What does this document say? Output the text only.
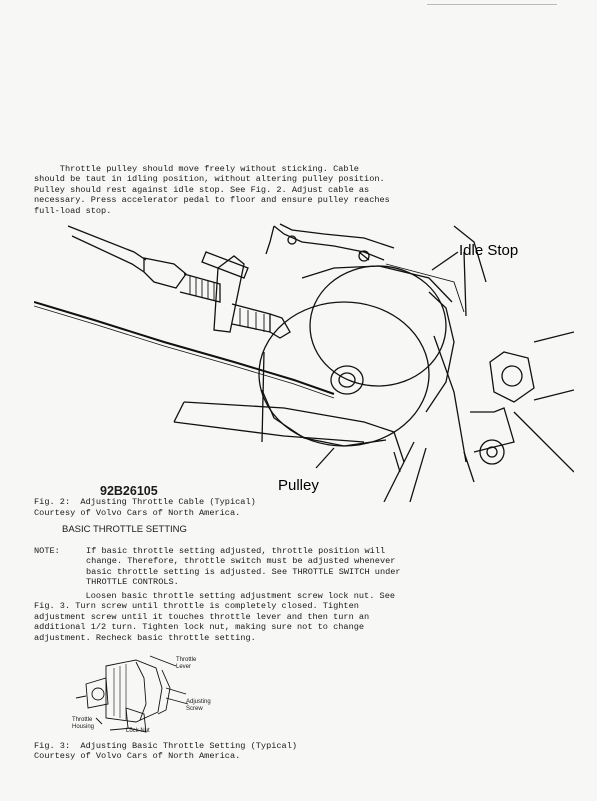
Throttle pulley should move freely without sticking. Cable
should be taut in idling position, without altering pulley position.
Pulley should rest against idle stop. See Fig. 2. Adjust cable as
necessary. Press accelerator pedal to floor and ensure pulley reaches
full-load stop.
Idle Stop
Pulley
92B26105
Fig. 2:  Adjusting Throttle Cable (Typical)
Courtesy of Volvo Cars of North America.
BASIC THROTTLE SETTING
NOTE:	If basic throttle setting adjusted, throttle position will
change. Therefore, throttle switch must be adjusted whenever
basic throttle setting is adjusted. See THROTTLE SWITCH under
THROTTLE CONTROLS.
Loosen basic throttle setting adjustment screw lock nut. See
Fig. 3. Turn screw until throttle is completely closed. Tighten
adjustment screw until it touches throttle lever and then turn an
additional 1/2 turn. Tighten lock nut, making sure not to change
adjustment. Recheck basic throttle setting.
Throttle
Lever
Adjusting
Screw
Throttle
Housing
Lock Nut
Fig. 3:  Adjusting Basic Throttle Setting (Typical)
Courtesy of Volvo Cars of North America.
